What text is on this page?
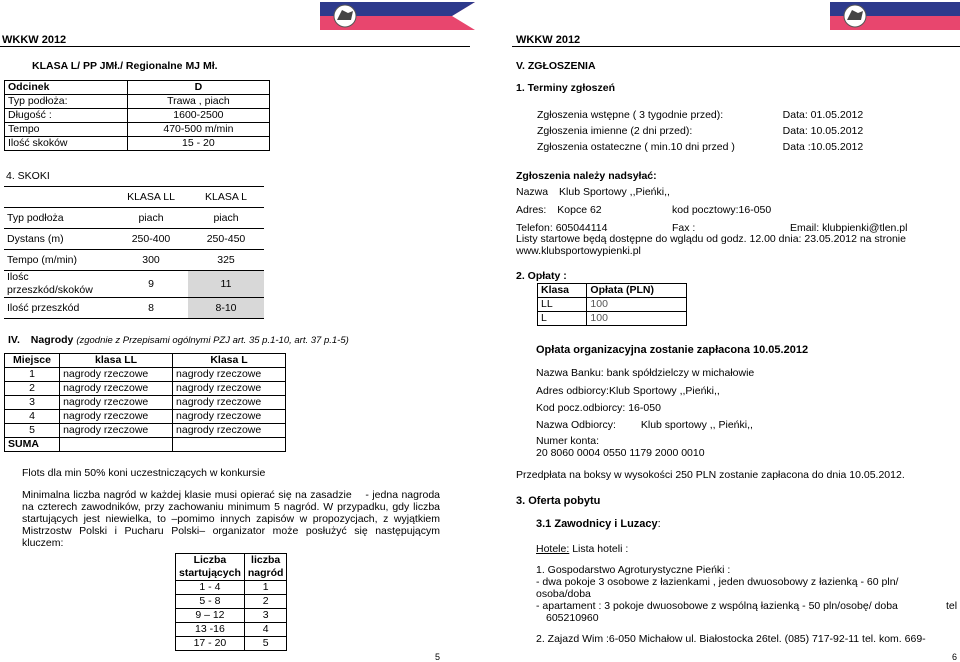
WKKW 2012	WKKW 2012
KLASA L/ PP JMł./ Regionalne MJ Mł.
Odcinek	D
Typ podłoża:	Trawa , piach
Długość :	1600-2500
Tempo	470-500 m/min
Ilość skoków	15 - 20
4. SKOKI
	KLASA LL	KLASA L
Typ podłoża	piach	piach
Dystans (m)	250-400	250-450
Tempo (m/min)	300	325
Ilośc przeszkód/skoków	9	11
Ilość przeszkód	8	8-10
IV. Nagrody (zgodnie z Przepisami ogólnymi PZJ art. 35 p.1-10, art. 37 p.1-5)
Miejsce	klasa LL	Klasa L
1	nagrody rzeczowe	nagrody rzeczowe
2	nagrody rzeczowe	nagrody rzeczowe
3	nagrody rzeczowe	nagrody rzeczowe
4	nagrody rzeczowe	nagrody rzeczowe
5	nagrody rzeczowe	nagrody rzeczowe
SUMA		
Flots dla min 50% koni uczestniczących w konkursie
Minimalna liczba nagród w każdej klasie musi opierać się na zasadzie - jedna nagroda na czterech zawodników, przy zachowaniu minimum 5 nagród. W przypadku, gdy liczba startujących jest niewielka, to –pomimo innych zapisów w propozycjach, z wyjątkiem Mistrzostw Polski i Pucharu Polski– organizator może posłużyć się następującym kluczem:
Liczba startujących	liczba nagród
1 - 4	1
5 - 8	2
9 – 12	3
13 -16	4
17 - 20	5
5
V. ZGŁOSZENIA
1. Terminy zgłoszeń
Zgłoszenia wstępne ( 3 tygodnie przed):	Data: 01.05.2012
Zgłoszenia imienne (2 dni przed):	Data: 10.05.2012
Zgłoszenia ostateczne ( min.10 dni przed )	Data :10.05.2012
Zgłoszenia należy nadsyłać:
Nazwa Klub Sportowy ,,Pieńki,,
Adres: Kopce 62	kod pocztowy:16-050
Telefon: 605044114	Fax :	Email: klubpienki@tlen.pl
Listy startowe będą dostępne do wglądu od godz. 12.00 dnia: 23.05.2012 na stronie www.klubsportowypienki.pl
2. Opłaty :
Klasa	Opłata (PLN)
LL	100
L	100
Opłata organizacyjna zostanie zapłacona 10.05.2012
Nazwa Banku: bank spółdzielczy w michałowie
Adres odbiorcy:Klub Sportowy ,,Pieńki,,
Kod pocz.odbiorcy: 16-050
Nazwa Odbiorcy: Klub sportowy ,, Pieńki,,
Numer konta:
20 8060 0004 0550 1179 2000 0010
Przedpłata na boksy w wysokości 250 PLN zostanie zapłacona do dnia 10.05.2012.
3. Oferta pobytu
3.1 Zawodnicy i Luzacy:
Hotele: Lista hoteli :
1. Gospodarstwo Agroturystyczne Pieńki :
- dwa pokoje 3 osobowe z łazienkami , jeden dwuosobowy z łazienką - 60 pln/ osoba/doba
- apartament : 3 pokoje dwuosobowe z wspólną łazienką - 50 pln/osobę/ doba	tel
605210960
2. Zajazd Wim :6-050 Michałow ul. Białostocka 26tel. (085) 717-92-11 tel. kom. 669-
6
